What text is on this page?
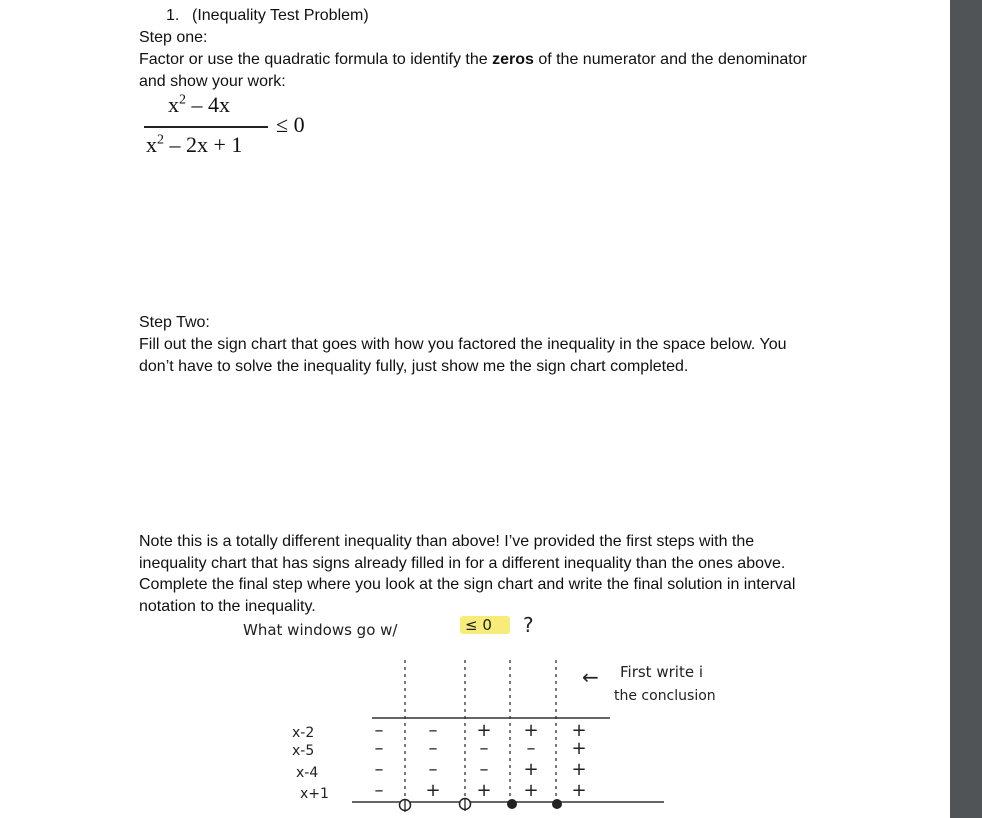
1. (Inequality Test Problem)

Step one:

Factor or use the quadratic formula to identify the zeros of the numerator and the denominator

and show your work:

$x^2 - 4x$
$x^2 - 2x + 1$
≤ 0

Step Two:

Fill out the sign chart that goes with how you factored the inequality in the space below. You

don’t have to solve the inequality fully, just show me the sign chart completed.

Note this is a totally different inequality than above! I’ve provided the first steps with the

inequality chart that has signs already filled in for a different inequality than the ones above.

Complete the final step where you look at the sign chart and write the final solution in interval

notation to the inequality.

What windows go w/	≤ 0 ?
← First write i
the conclusion
x-2
x-5
x-4
x+1
–
–
–
–
–
–
–
+
+
–
–
+
+
–
+
+
+
+
+
+
